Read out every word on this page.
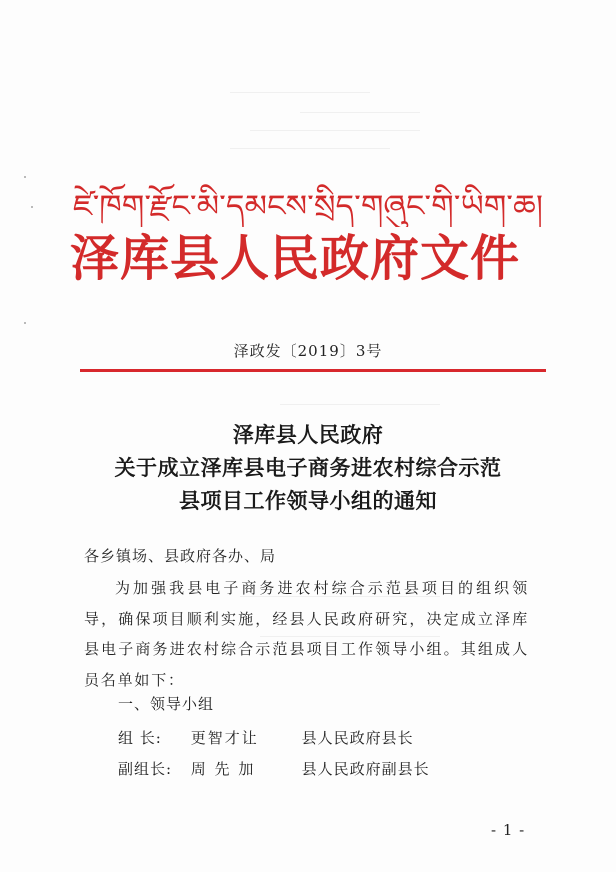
ཛེ་ཁོག་རྫོང་མི་དམངས་སྲིད་གཞུང་གི་ཡིག་ཆ།
泽库县人民政府文件
泽政发〔2019〕3号
泽库县人民政府
关于成立泽库县电子商务进农村综合示范
县项目工作领导小组的通知
各乡镇场、县政府各办、局
为加强我县电子商务进农村综合示范县项目的组织领导，确保项目顺利实施，经县人民政府研究，决定成立泽库县电子商务进农村综合示范县项目工作领导小组。其组成人员名单如下：
一、领导小组
组 长: 更智才让	县人民政府县长
副组长: 周 先 加	县人民政府副县长
- 1 -
